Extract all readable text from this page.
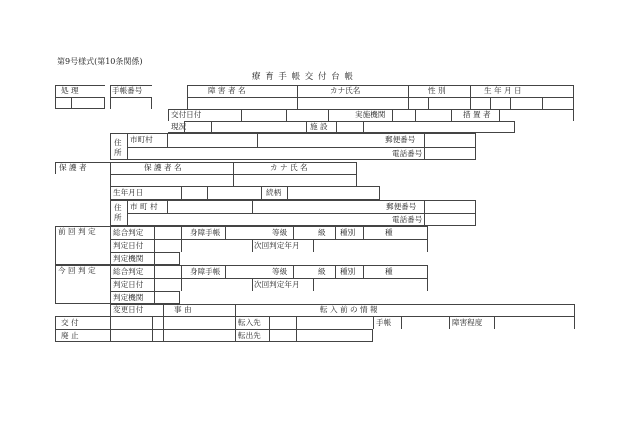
第9号様式(第10条関係)
療 育 手 帳 交 付 台 帳
処 理	手帳番号	障 害 者 名	カナ氏名	性 別	生 年 月 日
交付日付	実施機関	措 置 者
現況	施 設
住
所
市町村	郵便番号
電話番号
保 護 者	保 護 者 名	カ ナ 氏 名
生年月日	続柄
住
所
市 町 村	郵便番号
電話番号
前 回 判 定 総合判定	身障手帳	等級	級 種別	種
判定日付	次回判定年月
判定機関
今 回 判 定 総合判定	身障手帳	等級	級 種別	種
判定日付	次回判定年月
判定機関
変更日付	事 由	転 入 前 の 情 報
交 付	転入先	手帳	障害程度
廃 止	転出先
